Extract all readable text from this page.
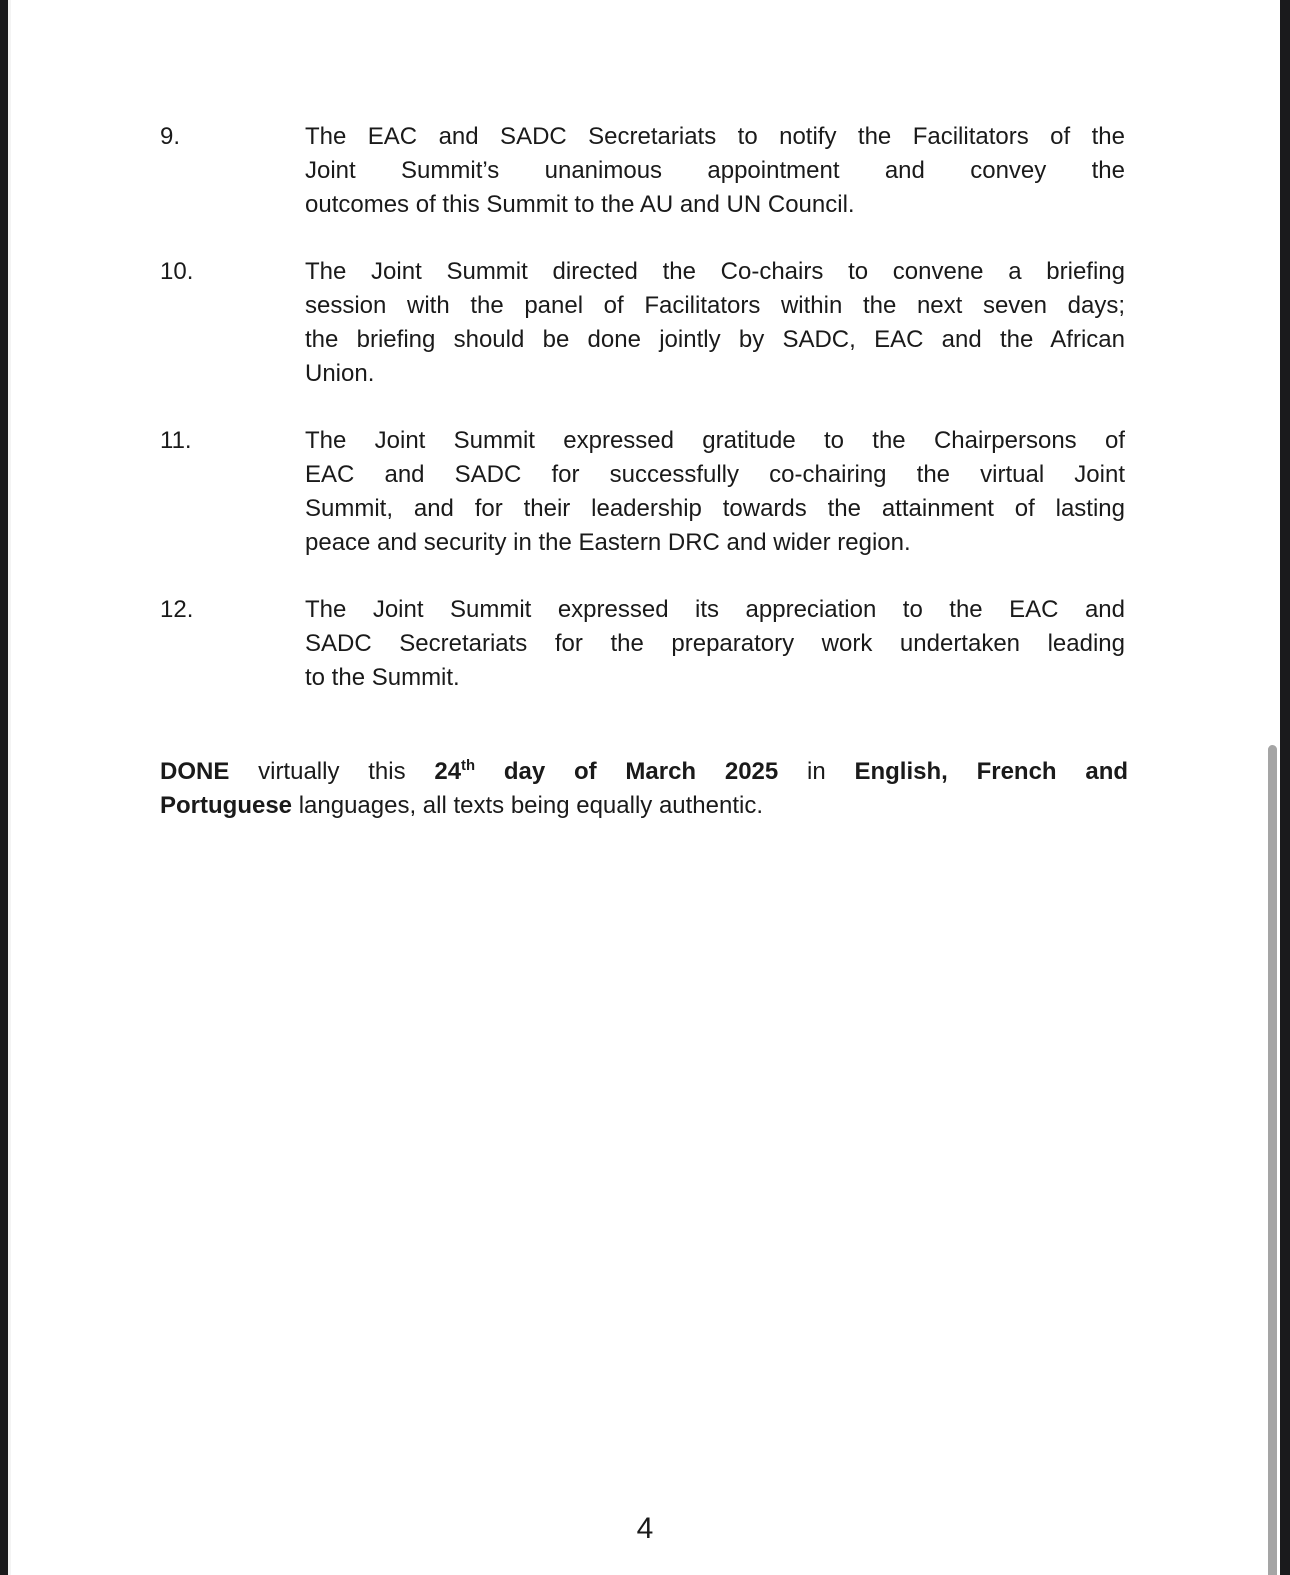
9.	The EAC and SADC Secretariats to notify the Facilitators of the
Joint Summit’s unanimous appointment and convey the
outcomes of this Summit to the AU and UN Council.
10.	The Joint Summit directed the Co-chairs to convene a briefing
session with the panel of Facilitators within the next seven days;
the briefing should be done jointly by SADC, EAC and the African
Union.
11.	The Joint Summit expressed gratitude to the Chairpersons of
EAC and SADC for successfully co-chairing the virtual Joint
Summit, and for their leadership towards the attainment of lasting
peace and security in the Eastern DRC and wider region.
12.	The Joint Summit expressed its appreciation to the EAC and
SADC Secretariats for the preparatory work undertaken leading
to the Summit.
DONE virtually this 24th day of March 2025 in English, French and
Portuguese languages, all texts being equally authentic.
4
